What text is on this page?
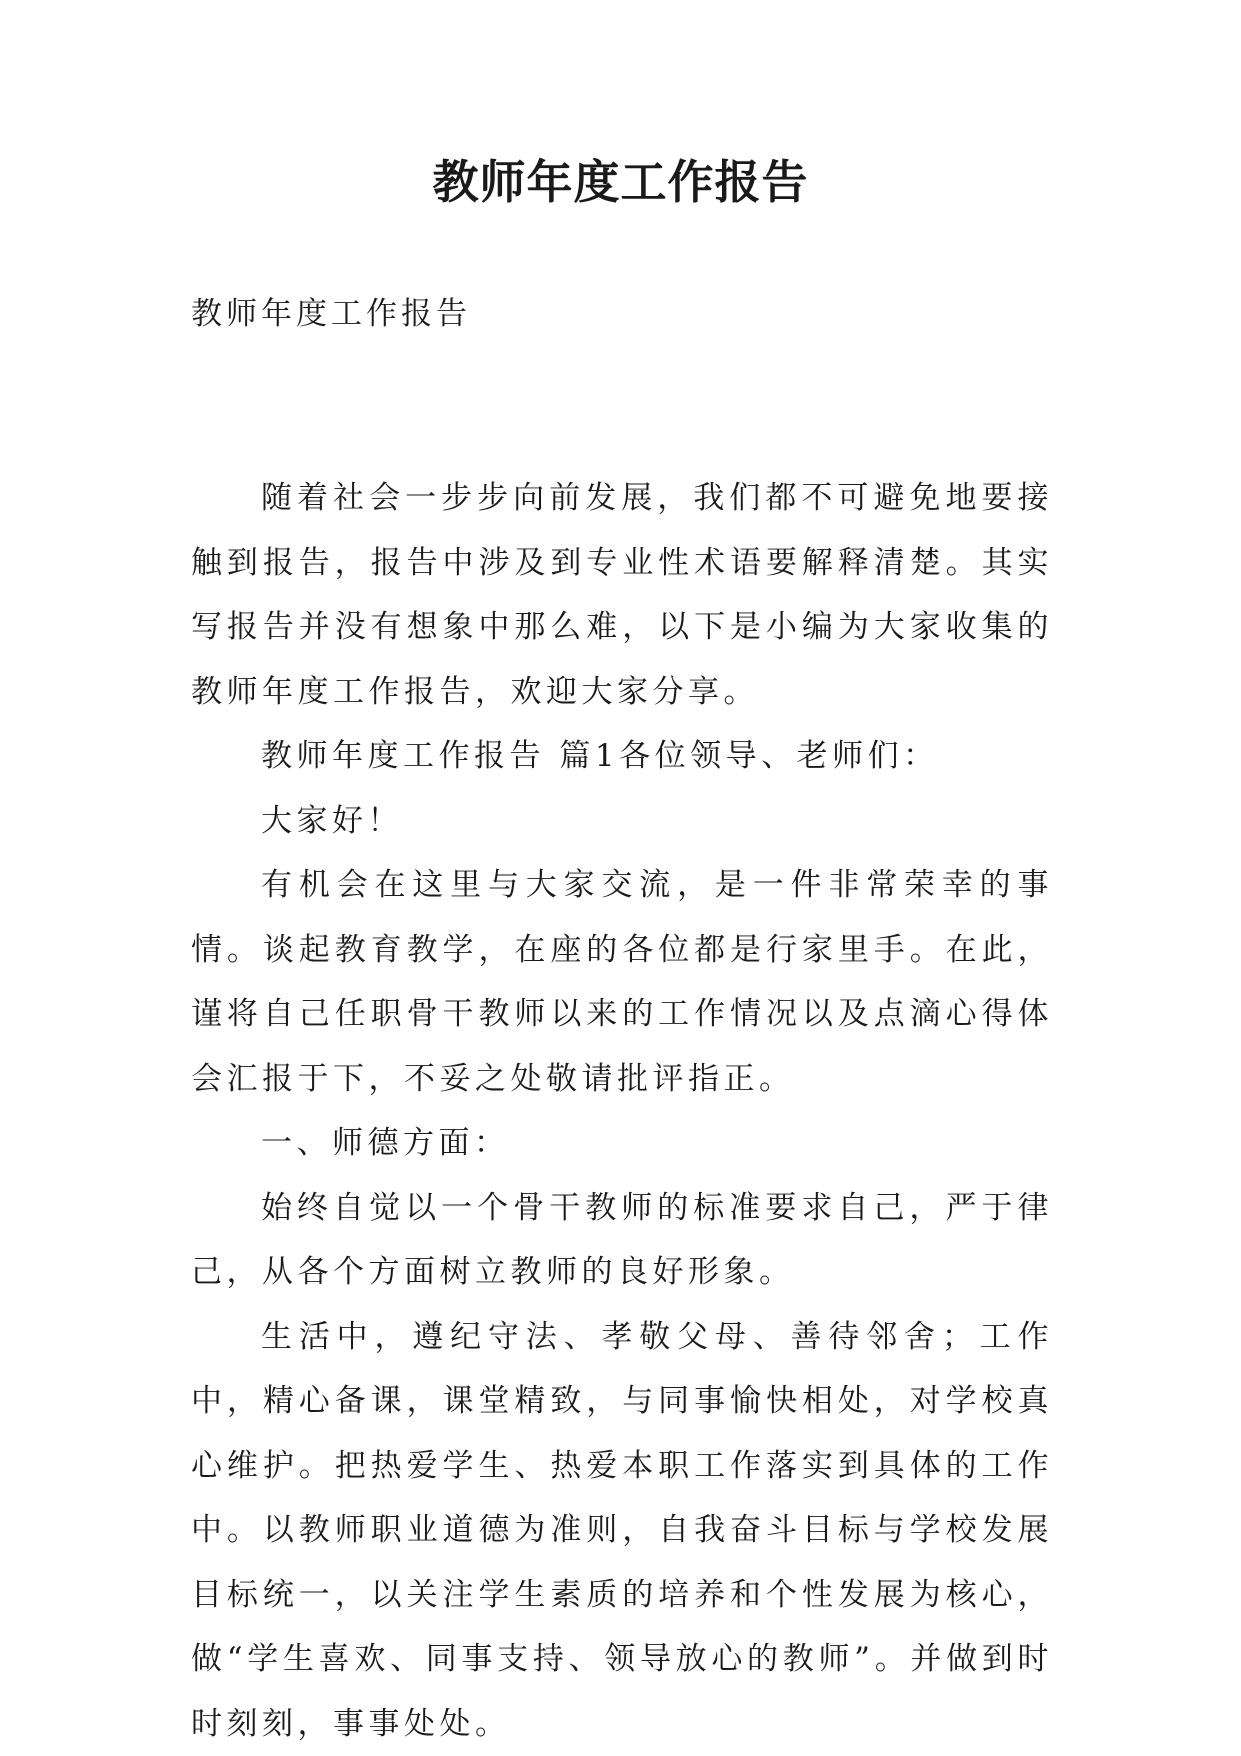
教师年度工作报告
教师年度工作报告

随着社会一步步向前发展，我们都不可避免地要接触到报告，报告中涉及到专业性术语要解释清楚。其实写报告并没有想象中那么难，以下是小编为大家收集的教师年度工作报告，欢迎大家分享。

教师年度工作报告 篇1各位领导、老师们：

大家好！

有机会在这里与大家交流，是一件非常荣幸的事情。谈起教育教学，在座的各位都是行家里手。在此，谨将自己任职骨干教师以来的工作情况以及点滴心得体会汇报于下，不妥之处敬请批评指正。

一、师德方面：

始终自觉以一个骨干教师的标准要求自己，严于律己，从各个方面树立教师的良好形象。

生活中，遵纪守法、孝敬父母、善待邻舍；工作中，精心备课，课堂精致，与同事愉快相处，对学校真心维护。把热爱学生、热爱本职工作落实到具体的工作中。以教师职业道德为准则，自我奋斗目标与学校发展目标统一，以关注学生素质的培养和个性发展为核心，做“学生喜欢、同事支持、领导放心的教师”。并做到时时刻刻，事事处处。
